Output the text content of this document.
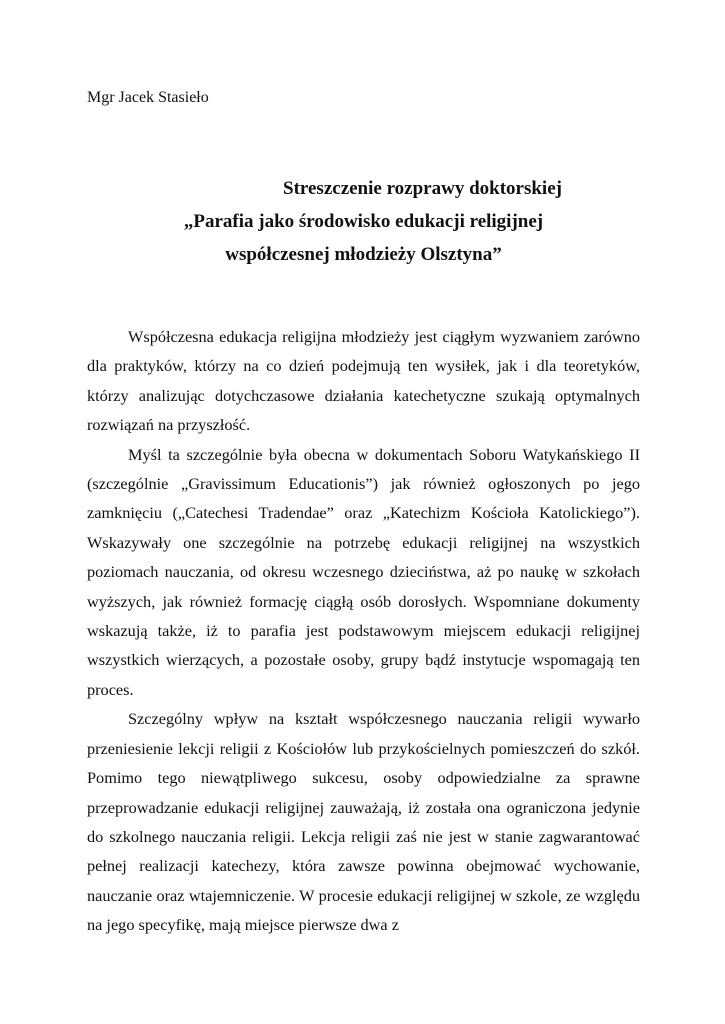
Mgr Jacek Stasieło

Streszczenie rozprawy doktorskiej
„Parafia jako środowisko edukacji religijnej
współczesnej młodzieży Olsztyna”

Współczesna edukacja religijna młodzieży jest ciągłym wyzwaniem zarówno dla praktyków, którzy na co dzień podejmują ten wysiłek, jak i dla teoretyków, którzy analizując dotychczasowe działania katechetyczne szukają optymalnych rozwiązań na przyszłość.

Myśl ta szczególnie była obecna w dokumentach Soboru Watykańskiego II (szczególnie „Gravissimum Educationis”) jak również ogłoszonych po jego zamknięciu („Catechesi Tradendae” oraz „Katechizm Kościoła Katolickiego”). Wskazywały one szczególnie na potrzebę edukacji religijnej na wszystkich poziomach nauczania, od okresu wczesnego dzieciństwa, aż po naukę w szkołach wyższych, jak również formację ciągłą osób dorosłych. Wspomniane dokumenty wskazują także, iż to parafia jest podstawowym miejscem edukacji religijnej wszystkich wierzących, a pozostałe osoby, grupy bądź instytucje wspomagają ten proces.

Szczególny wpływ na kształt współczesnego nauczania religii wywarło przeniesienie lekcji religii z Kościołów lub przykościelnych pomieszczeń do szkół. Pomimo tego niewątpliwego sukcesu, osoby odpowiedzialne za sprawne przeprowadzanie edukacji religijnej zauważają, iż została ona ograniczona jedynie do szkolnego nauczania religii. Lekcja religii zaś nie jest w stanie zagwarantować pełnej realizacji katechezy, która zawsze powinna obejmować wychowanie, nauczanie oraz wtajemniczenie. W procesie edukacji religijnej w szkole, ze względu na jego specyfikę, mają miejsce pierwsze dwa z
